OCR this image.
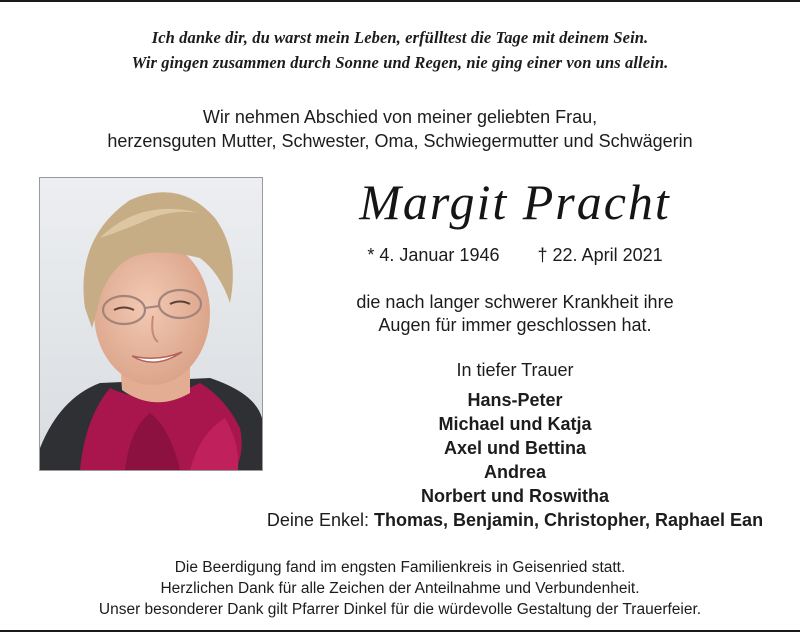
Ich danke dir, du warst mein Leben, erfülltest die Tage mit deinem Sein.
Wir gingen zusammen durch Sonne und Regen, nie ging einer von uns allein.
Wir nehmen Abschied von meiner geliebten Frau,
herzensguten Mutter, Schwester, Oma, Schwiegermutter und Schwägerin
Margit Pracht
* 4. Januar 1946 † 22. April 2021
die nach langer schwerer Krankheit ihre
Augen für immer geschlossen hat.
In tiefer Trauer
Hans-Peter
Michael und Katja
Axel und Bettina
Andrea
Norbert und Roswitha
Deine Enkel: Thomas, Benjamin, Christopher, Raphael Ean
Die Beerdigung fand im engsten Familienkreis in Geisenried statt.
Herzlichen Dank für alle Zeichen der Anteilnahme und Verbundenheit.
Unser besonderer Dank gilt Pfarrer Dinkel für die würdevolle Gestaltung der Trauerfeier.
